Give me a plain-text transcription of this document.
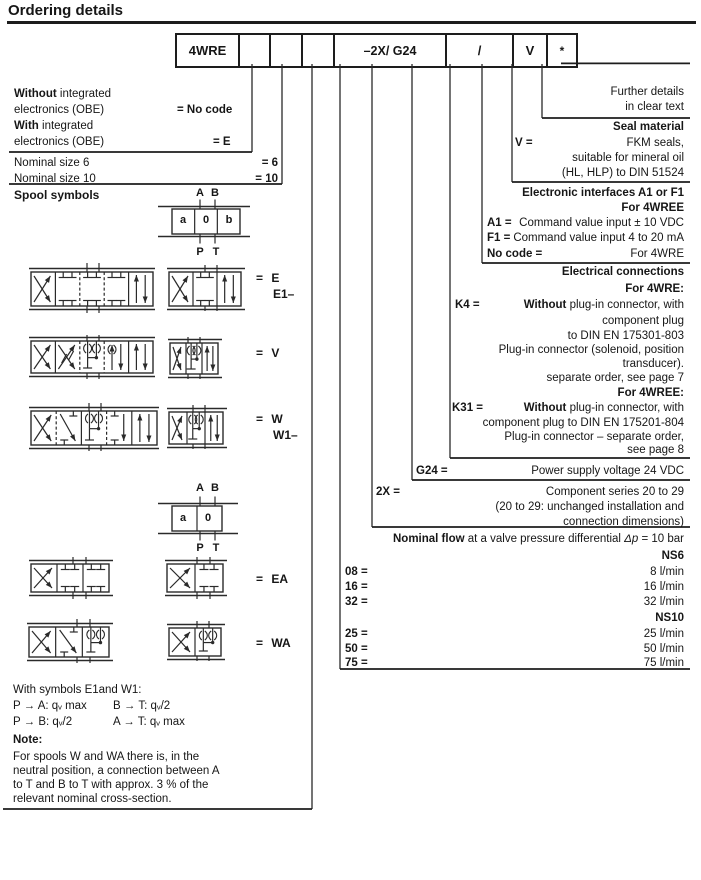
Ordering details
4WRE	–2X/ G24	/	V	*
Without integrated
electronics (OBE)	= No code
With integrated
electronics (OBE)	= E
Nominal size 6	= 6
Nominal size 10	= 10
Spool symbols	A B
a 0 b
P T
= E
E1–
= V
= W
W1–
A B
a 0
P T
= EA
= WA
Further details
in clear text
Seal material
V =	FKM seals,
suitable for mineral oil
(HL, HLP) to DIN 51524
Electronic interfaces A1 or F1
For 4WREE
A1 = Command value input ± 10 VDC
F1 = Command value input 4 to 20 mA
No code =	For 4WRE
Electrical connections
For 4WRE:
K4 =	Without plug-in connector, with
component plug
to DIN EN 175301-803
Plug-in connector (solenoid, position
transducer).
separate order, see page 7
For 4WREE:
K31 =	Without plug-in connector, with
component plug to DIN EN 175201-804
Plug-in connector – separate order,
see page 8
G24 =	Power supply voltage 24 VDC
2X =	Component series 20 to 29
(20 to 29: unchanged installation and
connection dimensions)
Nominal flow at a valve pressure differential Δp = 10 bar
NS6
08 =	8 l/min
16 =	16 l/min
32 =	32 l/min
NS10
25 =	25 l/min
50 =	50 l/min
75 =	75 l/min
With symbols E1and W1:
P → A: qᵥ max B → T: qᵥ/2
P → B: qᵥ/2	A → T: qᵥ max
Note:
For spools W and WA there is, in the
neutral position, a connection between A
to T and B to T with approx. 3 % of the
relevant nominal cross-section.
